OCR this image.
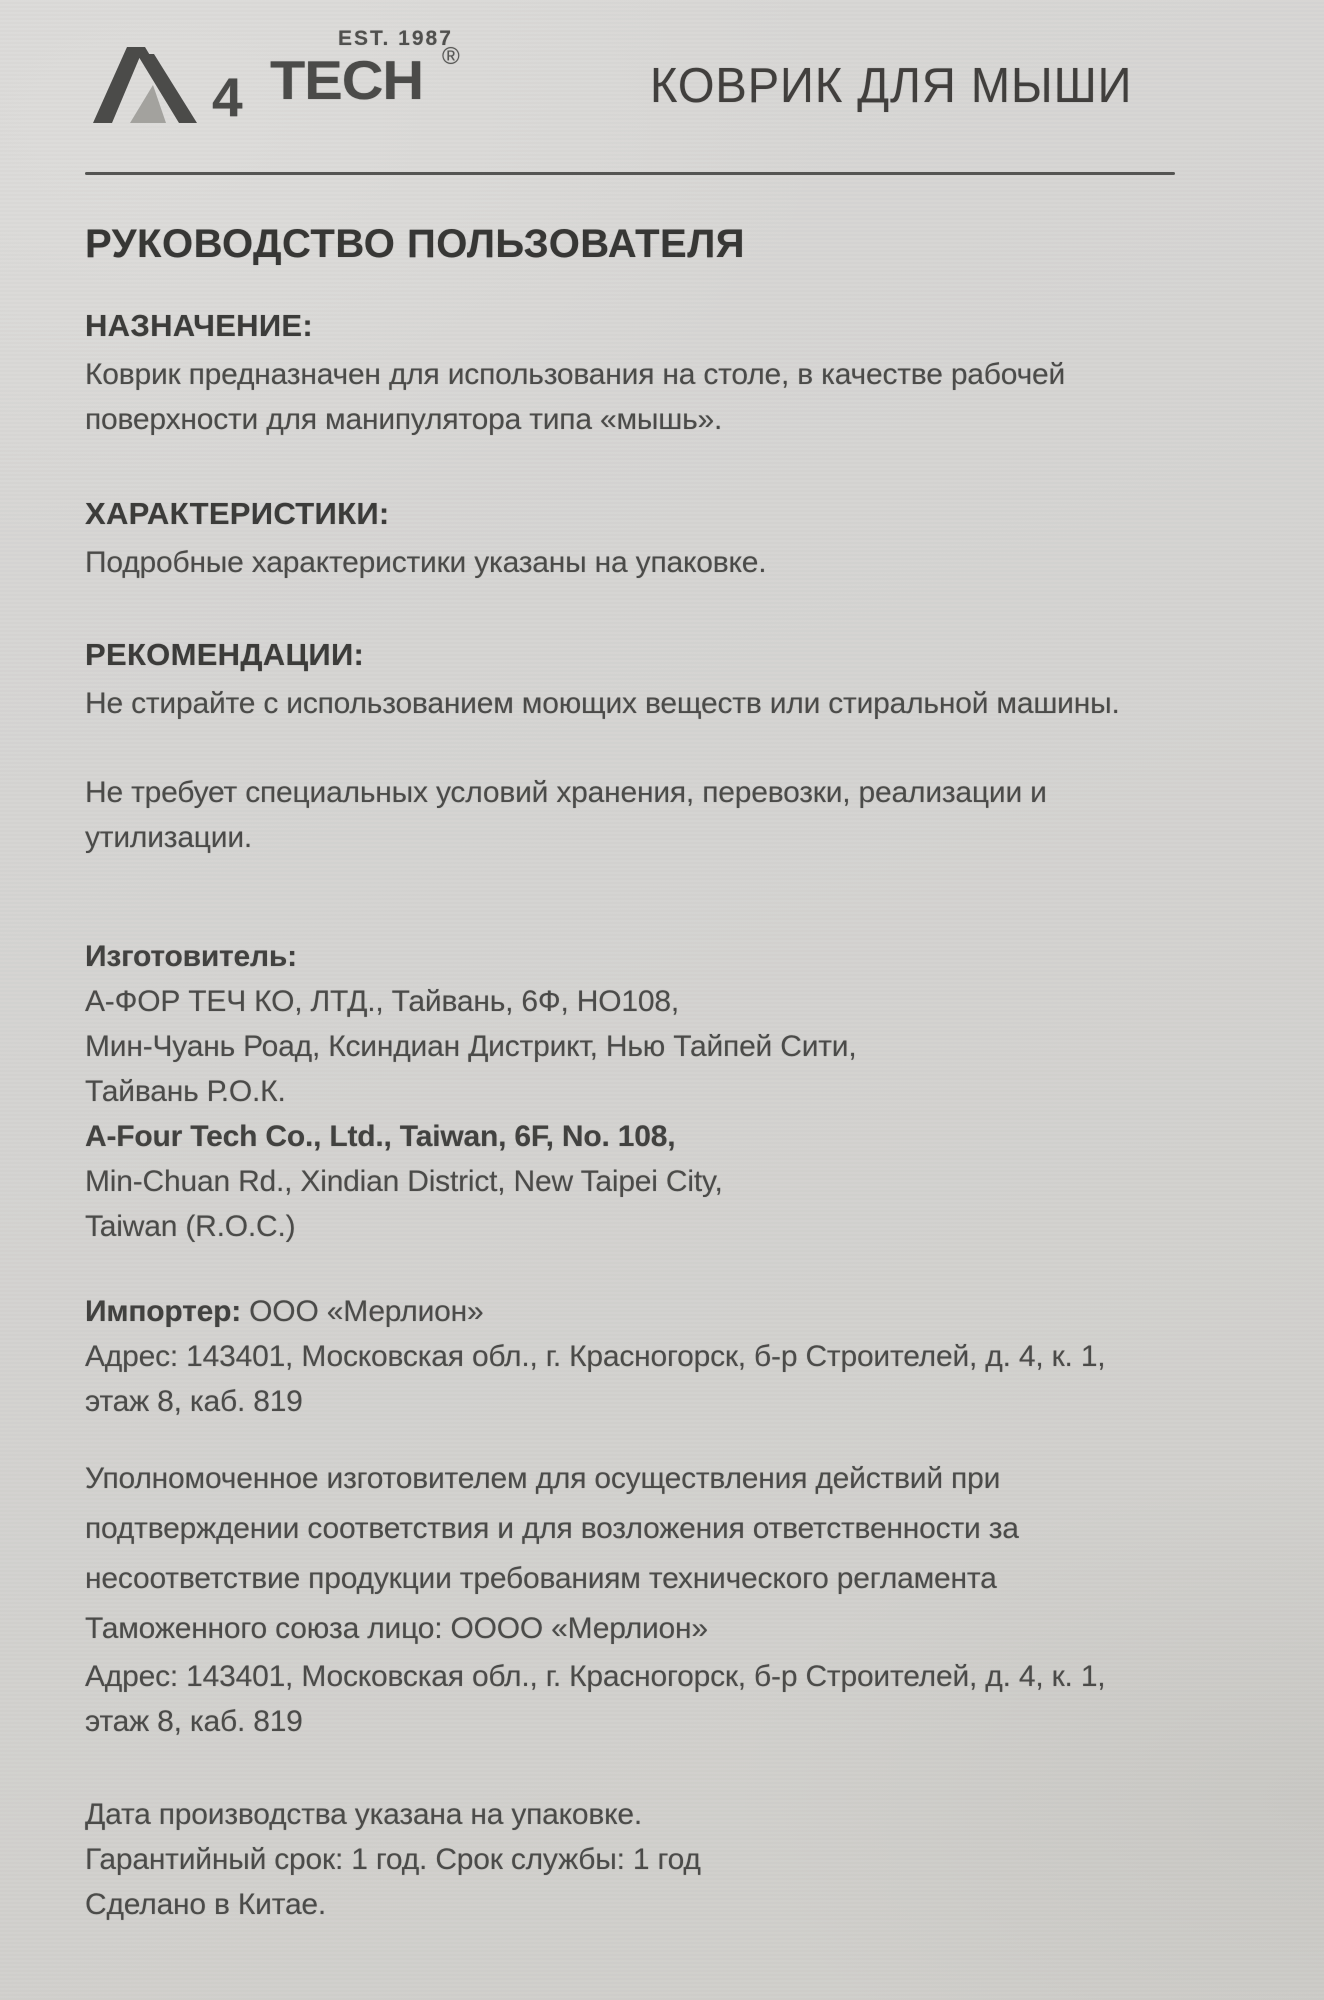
EST. 1987
4 TECH ®
КОВРИК ДЛЯ МЫШИ
РУКОВОДСТВО ПОЛЬЗОВАТЕЛЯ
НАЗНАЧЕНИЕ:
Коврик предназначен для использования на столе, в качестве рабочей
поверхности для манипулятора типа «мышь».
ХАРАКТЕРИСТИКИ:
Подробные характеристики указаны на упаковке.
РЕКОМЕНДАЦИИ:
Не стирайте с использованием моющих веществ или стиральной машины.
Не требует специальных условий хранения, перевозки, реализации и
утилизации.
Изготовитель:
А-ФОР ТЕЧ КО, ЛТД., Тайвань, 6Ф, НО108,
Мин-Чуань Роад, Ксиндиан Дистрикт, Нью Тайпей Сити,
Тайвань Р.О.К.
A-Four Tech Co., Ltd., Taiwan, 6F, No. 108,
Min-Chuan Rd., Xindian District, New Taipei City,
Taiwan (R.O.C.)
Импортер: ООО «Мерлион»
Адрес: 143401, Московская обл., г. Красногорск, б-р Строителей, д. 4, к. 1,
этаж 8, каб. 819
Уполномоченное изготовителем для осуществления действий при
подтверждении соответствия и для возложения ответственности за
несоответствие продукции требованиям технического регламента
Таможенного союза лицо: ОООО «Мерлион»
Адрес: 143401, Московская обл., г. Красногорск, б-р Строителей, д. 4, к. 1,
этаж 8, каб. 819
Дата производства указана на упаковке.
Гарантийный срок: 1 год. Срок службы: 1 год
Сделано в Китае.
